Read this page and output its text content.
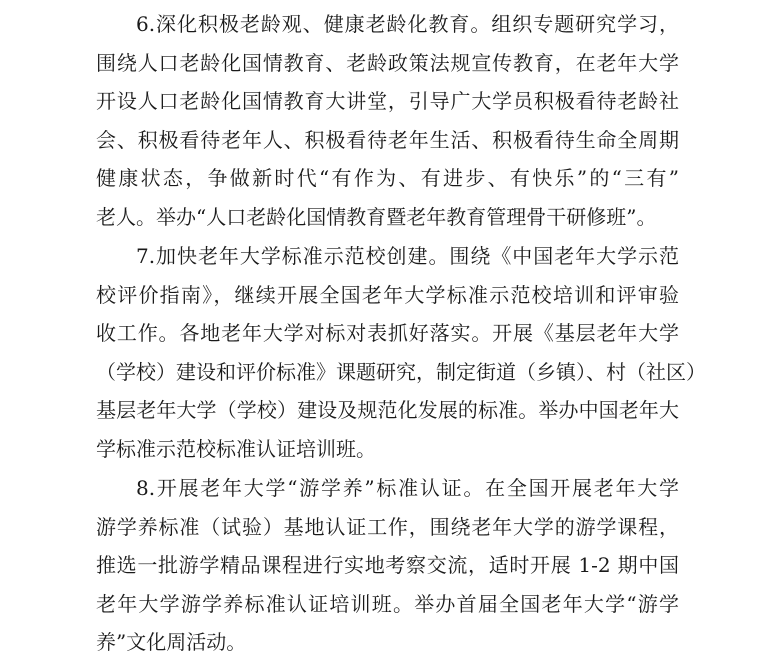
6.深化积极老龄观、健康老龄化教育。组织专题研究学习，
围绕人口老龄化国情教育、老龄政策法规宣传教育，在老年大学
开设人口老龄化国情教育大讲堂，引导广大学员积极看待老龄社
会、积极看待老年人、积极看待老年生活、积极看待生命全周期
健康状态，争做新时代“有作为、有进步、有快乐”的“三有”
老人。举办“人口老龄化国情教育暨老年教育管理骨干研修班”。
7.加快老年大学标准示范校创建。围绕《中国老年大学示范
校评价指南》，继续开展全国老年大学标准示范校培训和评审验
收工作。各地老年大学对标对表抓好落实。开展《基层老年大学
（学校）建设和评价标准》课题研究，制定街道（乡镇）、村（社区）
基层老年大学（学校）建设及规范化发展的标准。举办中国老年大
学标准示范校标准认证培训班。
8.开展老年大学“游学养”标准认证。在全国开展老年大学
游学养标准（试验）基地认证工作，围绕老年大学的游学课程，
推选一批游学精品课程进行实地考察交流，适时开展 1-2 期中国
老年大学游学养标准认证培训班。举办首届全国老年大学“游学
养”文化周活动。
